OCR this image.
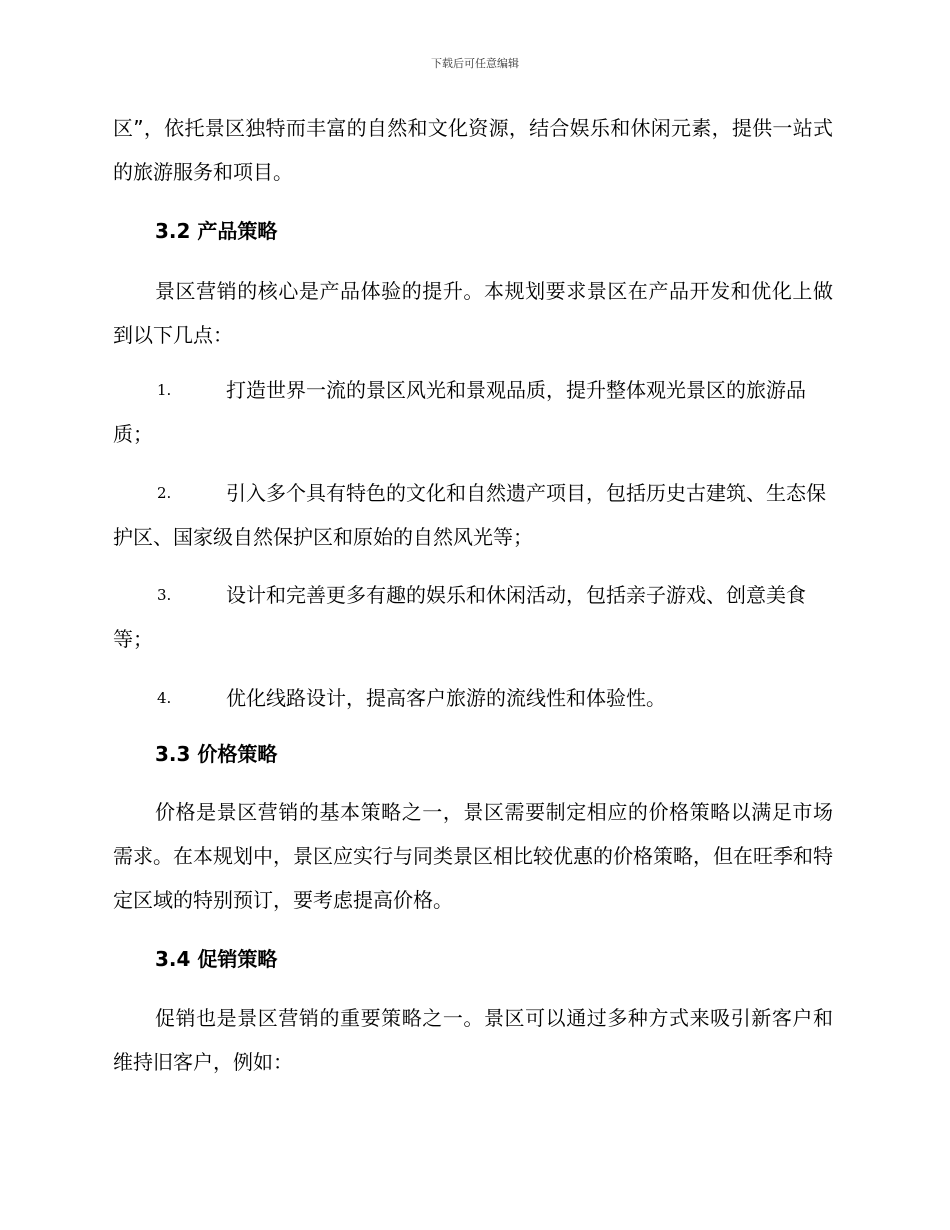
下载后可任意编辑

区”，依托景区独特而丰富的自然和文化资源，结合娱乐和休闲元素，提供一站式的旅游服务和项目。

3.2 产品策略

景区营销的核心是产品体验的提升。本规划要求景区在产品开发和优化上做到以下几点：

1.	打造世界一流的景区风光和景观品质，提升整体观光景区的旅游品质；

2.	引入多个具有特色的文化和自然遗产项目，包括历史古建筑、生态保护区、国家级自然保护区和原始的自然风光等；

3.	设计和完善更多有趣的娱乐和休闲活动，包括亲子游戏、创意美食等；

4.	优化线路设计，提高客户旅游的流线性和体验性。

3.3 价格策略

价格是景区营销的基本策略之一，景区需要制定相应的价格策略以满足市场需求。在本规划中，景区应实行与同类景区相比较优惠的价格策略，但在旺季和特定区域的特别预订，要考虑提高价格。

3.4 促销策略

促销也是景区营销的重要策略之一。景区可以通过多种方式来吸引新客户和维持旧客户，例如：
